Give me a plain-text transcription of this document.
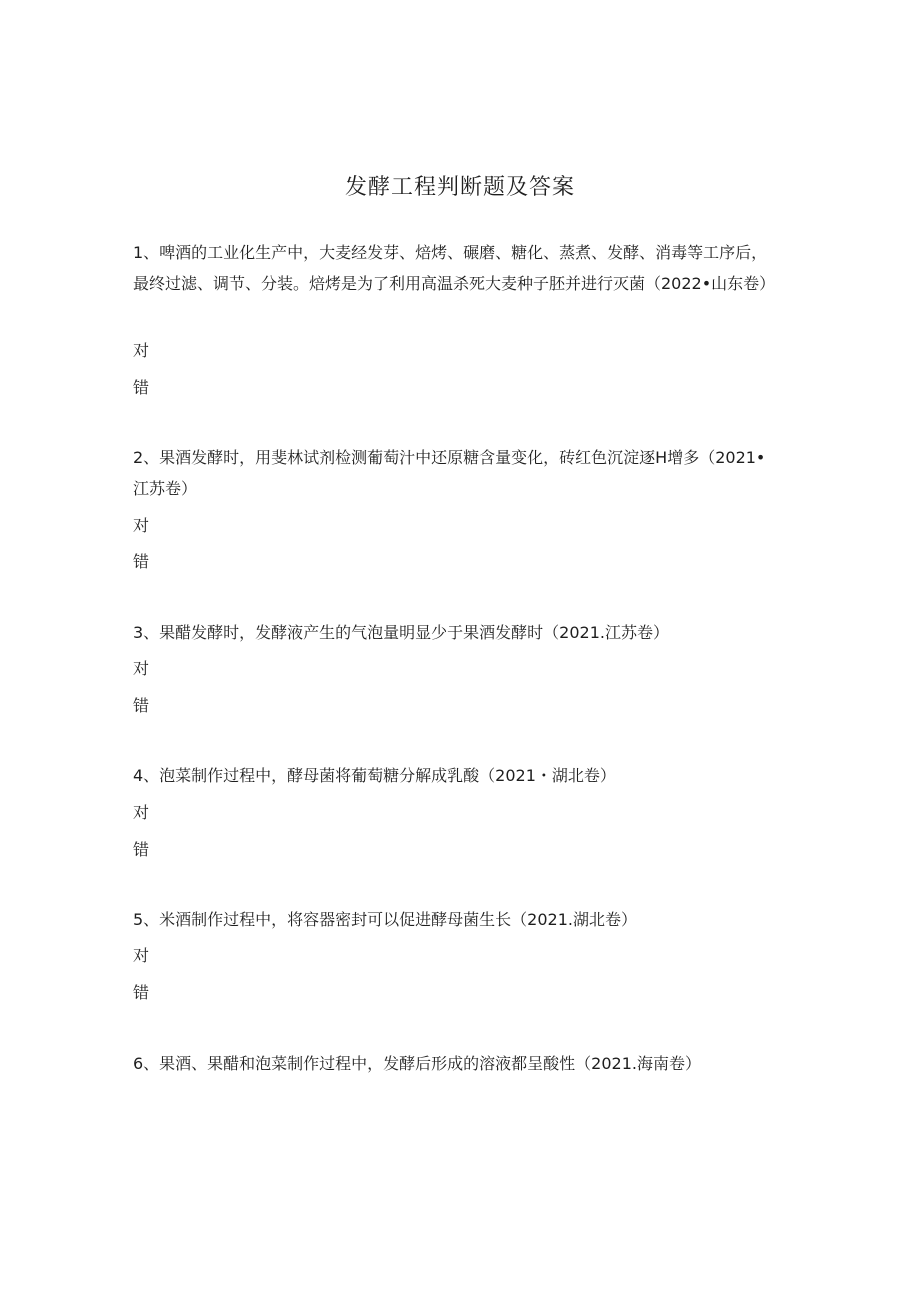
发酵工程判断题及答案
1、啤酒的工业化生产中，大麦经发芽、焙烤、碾磨、糖化、蒸煮、发酵、消毒等工序后，最终过滤、调节、分装。焙烤是为了利用高温杀死大麦种子胚并进行灭菌（2022•山东卷）
对
错
2、果酒发酵时，用斐林试剂检测葡萄汁中还原糖含量变化，砖红色沉淀逐H增多（2021•江苏卷）
对
错
3、果醋发酵时，发酵液产生的气泡量明显少于果酒发酵时（2021.江苏卷）
对
错
4、泡菜制作过程中，酵母菌将葡萄糖分解成乳酸（2021・湖北卷）
对
错
5、米酒制作过程中，将容器密封可以促进酵母菌生长（2021.湖北卷）
对
错
6、果酒、果醋和泡菜制作过程中，发酵后形成的溶液都呈酸性（2021.海南卷）
